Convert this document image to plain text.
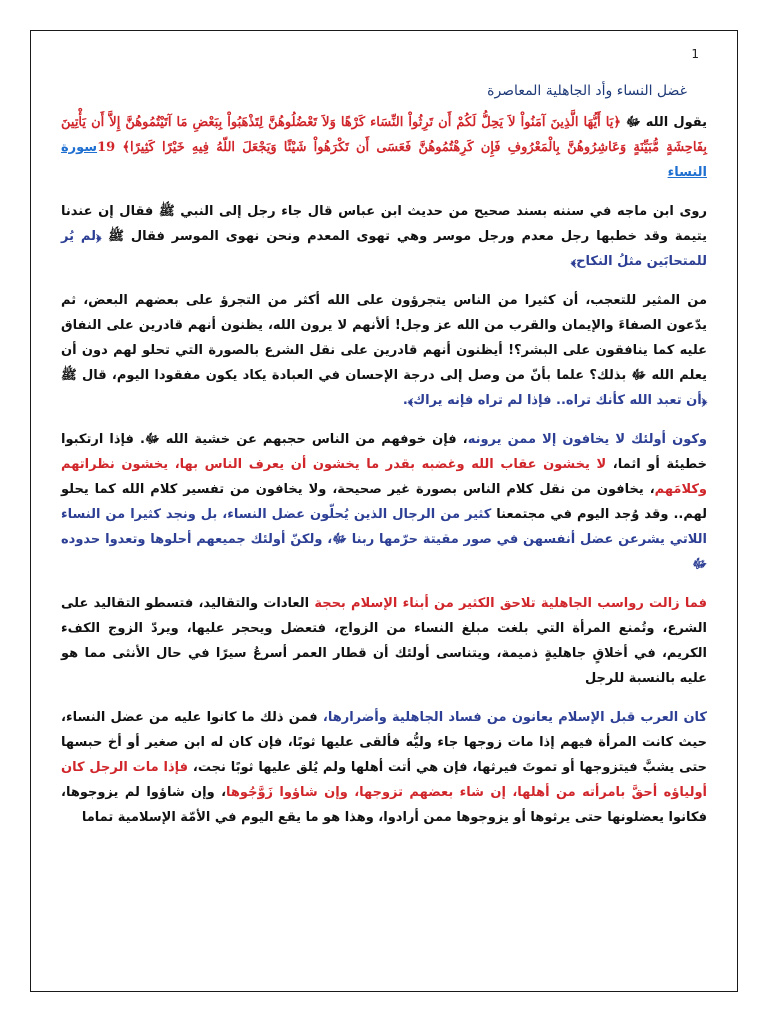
1
غضل النساء وأد الجاهلية المعاصرة

يقول الله ﷻ ﴿يَا أَيُّهَا الَّذِينَ آمَنُواْ لاَ يَحِلُّ لَكُمْ أَن تَرِثُواْ النِّسَاء كَرْهًا وَلاَ تَعْضُلُوهُنَّ لِتَذْهَبُواْ بِبَعْضِ مَا آتَيْتُمُوهُنَّ إِلاَّ أَن يَأْتِينَ بِفَاحِشَةٍ مُّبَيِّنَةٍ وَعَاشِرُوهُنَّ بِالْمَعْرُوفِ فَإِن كَرِهْتُمُوهُنَّ فَعَسَى أَن تَكْرَهُواْ شَيْئًا وَيَجْعَلَ اللّهُ فِيهِ خَيْرًا كَثِيرًا﴾ 19سورة النساء

روى ابن ماجه في سننه بسند صحيح من حديث ابن عباس قال جاء رجل إلى النبي ﷺ فقال إن عندنا يتيمة وقد خطبها رجل معدم ورجل موسر وهي تهوى المعدم ونحن نهوى الموسر فقال ﷺ ﴿لم يُر للمتحابَين مثلُ النكاح﴾

من المثير للتعجب، أن كثيرا من الناس يتجرؤون على الله أكثر من التجرؤ على بعضهم البعض، ثم يدّعون الصفاءَ والإيمان والقرب من الله عز وجل! ألأنهم لا يرون الله، يظنون أنهم قادرين على النفاق عليه كما ينافقون على البشر؟! أيظنون أنهم قادرين على نقل الشرع بالصورة التي تحلو لهم دون أن يعلم الله ﷻ بذلك؟ علما بأنّ من وصل إلى درجة الإحسان في العبادة يكاد يكون مفقودا اليوم، قال ﷺ ﴿أن تعبد الله كأنك تراه.. فإذا لم تراه فإنه يراك﴾.

وكون أولئك لا يخافون إلا ممن يرونه، فإن خوفهم من الناس حجبهم عن خشية الله ﷻ. فإذا ارتكبوا خطيئة أو اثما، لا يخشون عقاب الله وغضبه بقدر ما يخشون أن يعرف الناس بها، يخشون نظراتهم وكلامَهم، يخافون من نقل كلام الناس بصورة غير صحيحة، ولا يخافون من تفسير كلام الله كما يحلو لهم.. وقد وُجد اليوم في مجتمعنا كثير من الرجال الذين يُحلّون عضل النساء، بل ونجد كثيرا من النساء اللاتي يشرعن عضل أنفسهن في صور مقيتة حرّمها ربنا ﷻ، ولكنّ أولئك جميعهم أحلوها وتعدوا حدوده ﷻ

فما زالت رواسب الجاهلية تلاحق الكثير من أبناء الإسلام بحجة العادات والتقاليد، فتسطو التقاليد على الشرع، وتُمنع المرأة التي بلغت مبلغ النساء من الزواج، فتعضل ويحجر عليها، ويردّ الزوج الكفء الكريم، في أخلاقٍ جاهليةٍ ذميمة، ويتناسى أولئك أن قطار العمر أسرعُ سيرًا في حال الأنثى مما هو عليه بالنسبة للرجل

كان العرب قبل الإسلام يعانون من فساد الجاهلية وأضرارها، فمن ذلك ما كانوا عليه من عضل النساء، حيث كانت المرأة فيهم إذا مات زوجها جاء وليُّه فألقى عليها ثوبًا، فإن كان له ابن صغير أو أخ حبسها حتى يشبَّ فيتزوجها أو تموتَ فيرثها، فإن هي أتت أهلها ولم يُلق عليها ثوبًا نجت، فإذا مات الرجل كان أولياؤه أحقَّ بامرأته من أهلها، إن شاء بعضهم تزوجها، وإن شاؤوا زَوَّجُوها، وإن شاؤوا لم يزوجوها، فكانوا يعضلونها حتى يرثوها أو يزوجوها ممن أرادوا، وهذا هو ما يقع اليوم في الأمّة الإسلامية تماما
